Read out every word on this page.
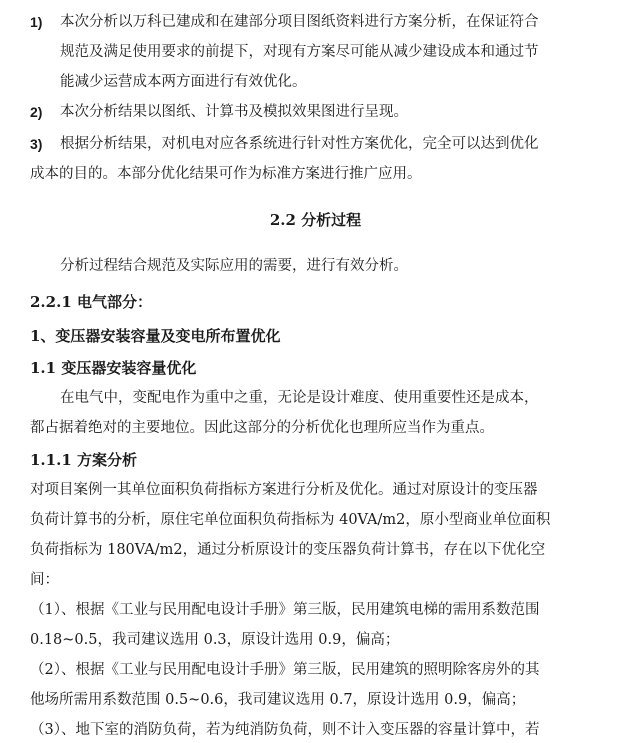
1) 本次分析以万科已建成和在建部分项目图纸资料进行方案分析，在保证符合
规范及满足使用要求的前提下，对现有方案尽可能从减少建设成本和通过节
能减少运营成本两方面进行有效优化。
2) 本次分析结果以图纸、计算书及模拟效果图进行呈现。
3) 根据分析结果，对机电对应各系统进行针对性方案优化，完全可以达到优化
成本的目的。本部分优化结果可作为标准方案进行推广应用。
2.2 分析过程
分析过程结合规范及实际应用的需要，进行有效分析。
2.2.1 电气部分：
1、变压器安装容量及变电所布置优化
1.1 变压器安装容量优化
在电气中，变配电作为重中之重，无论是设计难度、使用重要性还是成本，
都占据着绝对的主要地位。因此这部分的分析优化也理所应当作为重点。
1.1.1 方案分析
对项目案例一其单位面积负荷指标方案进行分析及优化。通过对原设计的变压器
负荷计算书的分析，原住宅单位面积负荷指标为 40VA/m2，原小型商业单位面积
负荷指标为 180VA/m2，通过分析原设计的变压器负荷计算书，存在以下优化空
间：
（1）、根据《工业与民用配电设计手册》第三版，民用建筑电梯的需用系数范围
0.18~0.5，我司建议选用 0.3，原设计选用 0.9，偏高；
（2）、根据《工业与民用配电设计手册》第三版，民用建筑的照明除客房外的其
他场所需用系数范围 0.5~0.6，我司建议选用 0.7，原设计选用 0.9，偏高；
（3）、地下室的消防负荷，若为纯消防负荷，则不计入变压器的容量计算中，若
